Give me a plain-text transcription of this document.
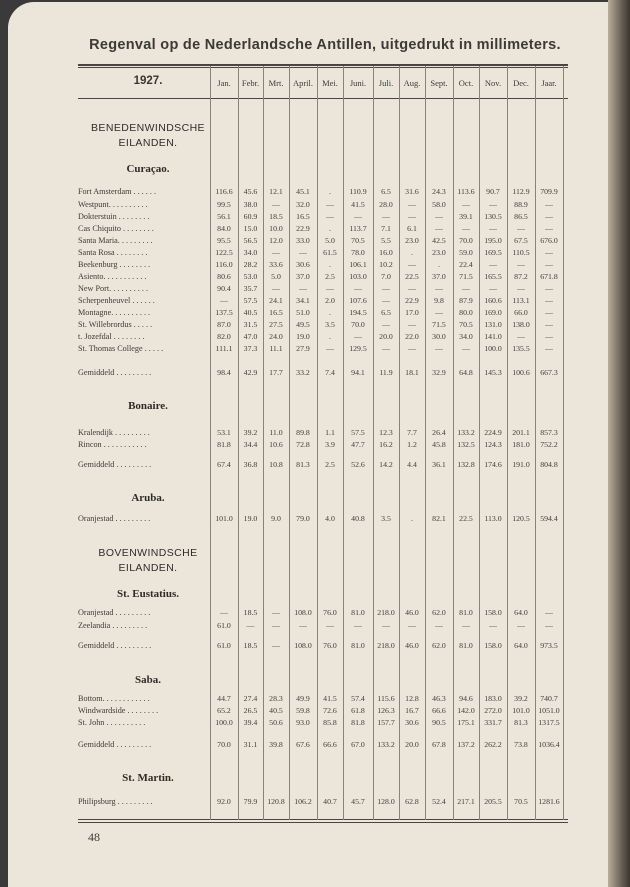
Regenval op de Nederlandsche Antillen, uitgedrukt in millimeters.
1927.	Jan.	Febr.	Mrt.	April.	Mei.	Juni.	Juli.	Aug.	Sept.	Oct.	Nov.	Dec.	Jaar.
BENEDENWINDSCHE
EILANDEN.
BOVENWINDSCHE
EILANDEN.
Curaçao.
Bonaire.
Aruba.
St. Eustatius.
Saba.
St. Martin.
Fort Amsterdam . . . . . .	116.6	45.6	12.1	45.1	.	110.9	6.5	31.6	24.3	113.6	90.7	112.9	709.9
Westpunt. . . . . . . . . .	99.5	38.0	—	32.0	—	41.5	28.0	—	58.0	—	—	88.9	—
Dokterstuin . . . . . . . .	56.1	60.9	18.5	16.5	—	—	—	—	—	39.1	130.5	86.5	—
Cas Chiquito . . . . . . . .	84.0	15.0	10.0	22.9	.	113.7	7.1	6.1	—	—	—	—	—
Santa Maria. . . . . . . . .	95.5	56.5	12.0	33.0	5.0	70.5	5.5	23.0	42.5	70.0	195.0	67.5	676.0
Santa Rosa . . . . . . . .	122.5	34.0	—	—	61.5	78.0	16.0	.	23.0	59.0	169.5	110.5	—
Beekenburg . . . . . . . .	116.0	28.2	33.6	30.6	.	106.1	10.2	—	.	22.4	—	—	—
Asiento. . . . . . . . . . .	80.6	53.0	5.0	37.0	2.5	103.0	7.0	22.5	37.0	71.5	165.5	87.2	671.8
New Port. . . . . . . . . .	90.4	35.7	—	—	—	—	—	—	—	—	—	—	—
Scherpenheuvel . . . . . .	—	57.5	24.1	34.1	2.0	107.6	—	22.9	9.8	87.9	160.6	113.1	—
Montagne. . . . . . . . . .	137.5	40.5	16.5	51.0	.	194.5	6.5	17.0	—	80.0	169.0	66.0	—
St. Willebrordus . . . . .	87.0	31.5	27.5	49.5	3.5	70.0	—	—	71.5	70.5	131.0	138.0	—
t. Jozefdal . . . . . . . .	82.0	47.0	24.0	19.0	.	—	20.0	22.0	30.0	34.0	141.0	—	—
St. Thomas College . . . . .	111.1	37.3	11.1	27.9	—	129.5	—	—	—	—	100.0	135.5	—
Gemiddeld . . . . . . . . .	98.4	42.9	17.7	33.2	7.4	94.1	11.9	18.1	32.9	64.8	145.3	100.6	667.3
Kralendijk . . . . . . . . .	53.1	39.2	11.0	89.8	1.1	57.5	12.3	7.7	26.4	133.2	224.9	201.1	857.3
Rincon . . . . . . . . . . .	81.8	34.4	10.6	72.8	3.9	47.7	16.2	1.2	45.8	132.5	124.3	181.0	752.2
Gemiddeld . . . . . . . . .	67.4	36.8	10.8	81.3	2.5	52.6	14.2	4.4	36.1	132.8	174.6	191.0	804.8
Oranjestad . . . . . . . . .	101.0	19.0	9.0	79.0	4.0	40.8	3.5	.	82.1	22.5	113.0	120.5	594.4
Oranjestad . . . . . . . . .	—	18.5	—	108.0	76.0	81.0	218.0	46.0	62.0	81.0	158.0	64.0	—
Zeelandia . . . . . . . . .	61.0	—	—	—	—	—	—	—	—	—	—	—	—
Gemiddeld . . . . . . . . .	61.0	18.5	—	108.0	76.0	81.0	218.0	46.0	62.0	81.0	158.0	64.0	973.5
Bottom. . . . . . . . . . . .	44.7	27.4	28.3	49.9	41.5	57.4	115.6	12.8	46.3	94.6	183.0	39.2	740.7
Windwardside . . . . . . . .	65.2	26.5	40.5	59.8	72.6	61.8	126.3	16.7	66.6	142.0	272.0	101.0	1051.0
St. John . . . . . . . . . .	100.0	39.4	50.6	93.0	85.8	81.8	157.7	30.6	90.5	175.1	331.7	81.3	1317.5
Gemiddeld . . . . . . . . .	70.0	31.1	39.8	67.6	66.6	67.0	133.2	20.0	67.8	137.2	262.2	73.8	1036.4
Philipsburg . . . . . . . . .	92.0	79.9	120.8	106.2	40.7	45.7	128.0	62.8	52.4	217.1	205.5	70.5	1281.6
48
